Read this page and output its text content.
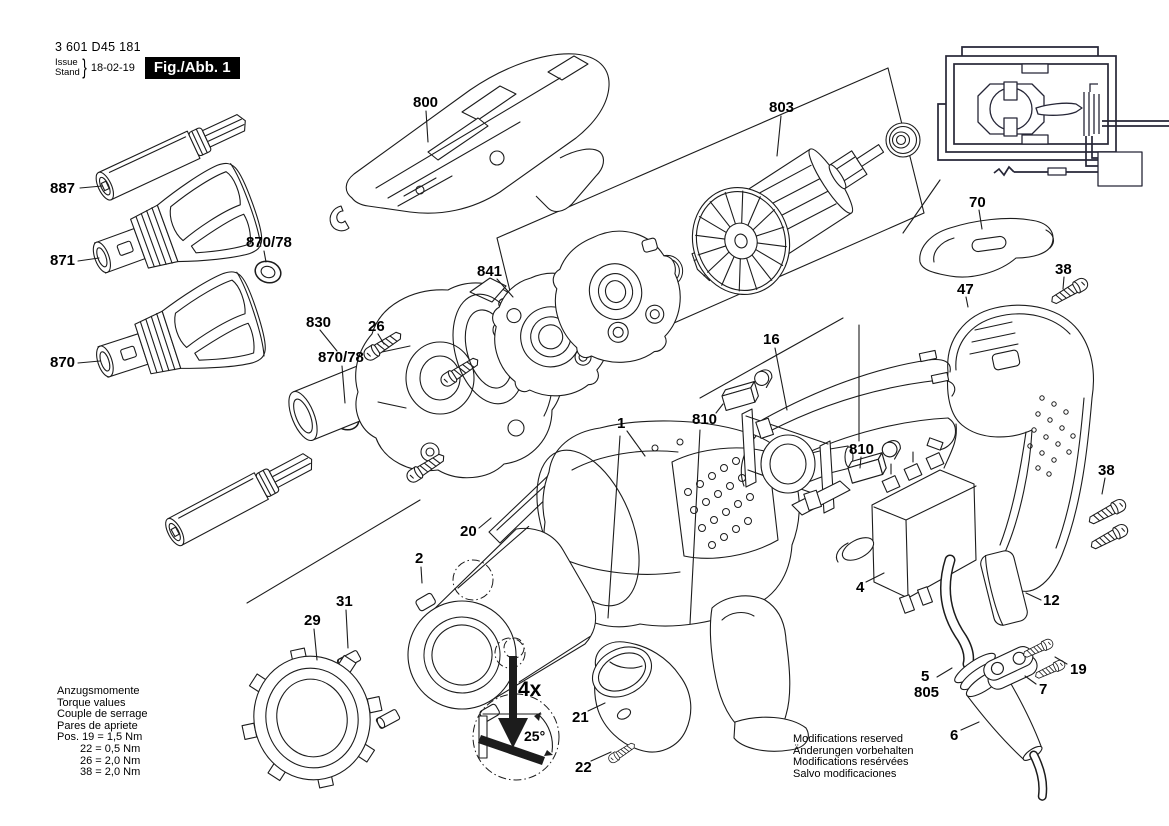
887
871
870/78
870
830 26
870/78
841
800	803
70
38
47
16
810
810
1
20
2
31
29
4
12
38
5
805	7
19
6
21
22
4x
25°
3 601 D45 181
Issue
Stand } 18-02-19	Fig./Abb. 1
Anzugsmomente
Torque values
Couple de serrage
Pares de apriete
Pos. 19 = 1,5 Nm
22 = 0,5 Nm
26 = 2,0 Nm
38 = 2,0 Nm
Modifications reserved
Änderungen vorbehalten
Modifications resérvées
Salvo modificaciones
